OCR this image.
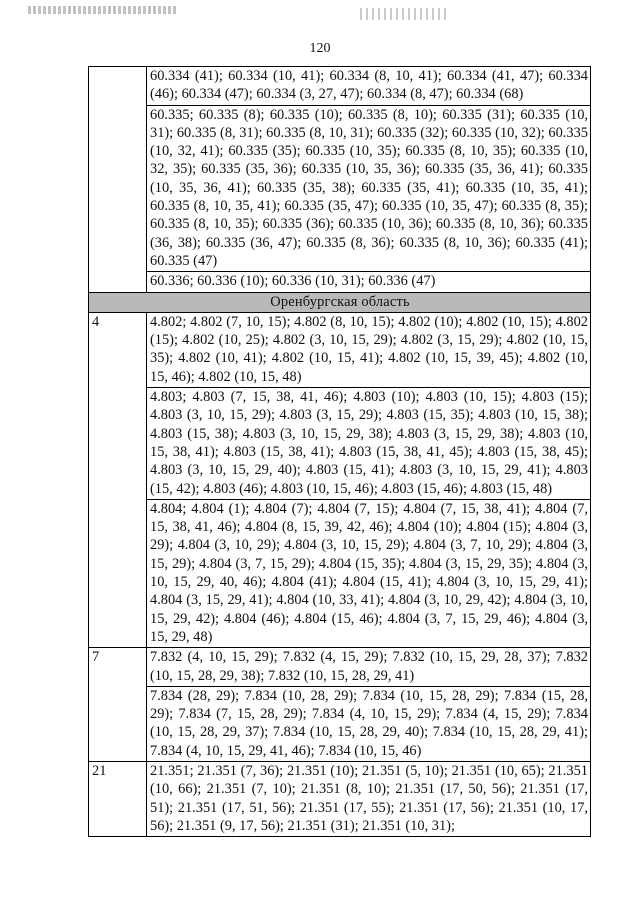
120
	60.334 (41); 60.334 (10, 41); 60.334 (8, 10, 41); 60.334 (41, 47); 60.334 (46); 60.334 (47); 60.334 (3, 27, 47); 60.334 (8, 47); 60.334 (68)
	60.335; 60.335 (8); 60.335 (10); 60.335 (8, 10); 60.335 (31); 60.335 (10, 31); 60.335 (8, 31); 60.335 (8, 10, 31); 60.335 (32); 60.335 (10, 32); 60.335 (10, 32, 41); 60.335 (35); 60.335 (10, 35); 60.335 (8, 10, 35); 60.335 (10, 32, 35); 60.335 (35, 36); 60.335 (10, 35, 36); 60.335 (35, 36, 41); 60.335 (10, 35, 36, 41); 60.335 (35, 38); 60.335 (35, 41); 60.335 (10, 35, 41); 60.335 (8, 10, 35, 41); 60.335 (35, 47); 60.335 (10, 35, 47); 60.335 (8, 35); 60.335 (8, 10, 35); 60.335 (36); 60.335 (10, 36); 60.335 (8, 10, 36); 60.335 (36, 38); 60.335 (36, 47); 60.335 (8, 36); 60.335 (8, 10, 36); 60.335 (41); 60.335 (47)
	60.336; 60.336 (10); 60.336 (10, 31); 60.336 (47)
Оренбургская область	
4	4.802; 4.802 (7, 10, 15); 4.802 (8, 10, 15); 4.802 (10); 4.802 (10, 15); 4.802 (15); 4.802 (10, 25); 4.802 (3, 10, 15, 29); 4.802 (3, 15, 29); 4.802 (10, 15, 35); 4.802 (10, 41); 4.802 (10, 15, 41); 4.802 (10, 15, 39, 45); 4.802 (10, 15, 46); 4.802 (10, 15, 48)
	4.803; 4.803 (7, 15, 38, 41, 46); 4.803 (10); 4.803 (10, 15); 4.803 (15); 4.803 (3, 10, 15, 29); 4.803 (3, 15, 29); 4.803 (15, 35); 4.803 (10, 15, 38); 4.803 (15, 38); 4.803 (3, 10, 15, 29, 38); 4.803 (3, 15, 29, 38); 4.803 (10, 15, 38, 41); 4.803 (15, 38, 41); 4.803 (15, 38, 41, 45); 4.803 (15, 38, 45); 4.803 (3, 10, 15, 29, 40); 4.803 (15, 41); 4.803 (3, 10, 15, 29, 41); 4.803 (15, 42); 4.803 (46); 4.803 (10, 15, 46); 4.803 (15, 46); 4.803 (15, 48)
	4.804; 4.804 (1); 4.804 (7); 4.804 (7, 15); 4.804 (7, 15, 38, 41); 4.804 (7, 15, 38, 41, 46); 4.804 (8, 15, 39, 42, 46); 4.804 (10); 4.804 (15); 4.804 (3, 29); 4.804 (3, 10, 29); 4.804 (3, 10, 15, 29); 4.804 (3, 7, 10, 29); 4.804 (3, 15, 29); 4.804 (3, 7, 15, 29); 4.804 (15, 35); 4.804 (3, 15, 29, 35); 4.804 (3, 10, 15, 29, 40, 46); 4.804 (41); 4.804 (15, 41); 4.804 (3, 10, 15, 29, 41); 4.804 (3, 15, 29, 41); 4.804 (10, 33, 41); 4.804 (3, 10, 29, 42); 4.804 (3, 10, 15, 29, 42); 4.804 (46); 4.804 (15, 46); 4.804 (3, 7, 15, 29, 46); 4.804 (3, 15, 29, 48)
7	7.832 (4, 10, 15, 29); 7.832 (4, 15, 29); 7.832 (10, 15, 29, 28, 37); 7.832 (10, 15, 28, 29, 38); 7.832 (10, 15, 28, 29, 41)
	7.834 (28, 29); 7.834 (10, 28, 29); 7.834 (10, 15, 28, 29); 7.834 (15, 28, 29); 7.834 (7, 15, 28, 29); 7.834 (4, 10, 15, 29); 7.834 (4, 15, 29); 7.834 (10, 15, 28, 29, 37); 7.834 (10, 15, 28, 29, 40); 7.834 (10, 15, 28, 29, 41); 7.834 (4, 10, 15, 29, 41, 46); 7.834 (10, 15, 46)
21	21.351; 21.351 (7, 36); 21.351 (10); 21.351 (5, 10); 21.351 (10, 65); 21.351 (10, 66); 21.351 (7, 10); 21.351 (8, 10); 21.351 (17, 50, 56); 21.351 (17, 51); 21.351 (17, 51, 56); 21.351 (17, 55); 21.351 (17, 56); 21.351 (10, 17, 56); 21.351 (9, 17, 56); 21.351 (31); 21.351 (10, 31);
